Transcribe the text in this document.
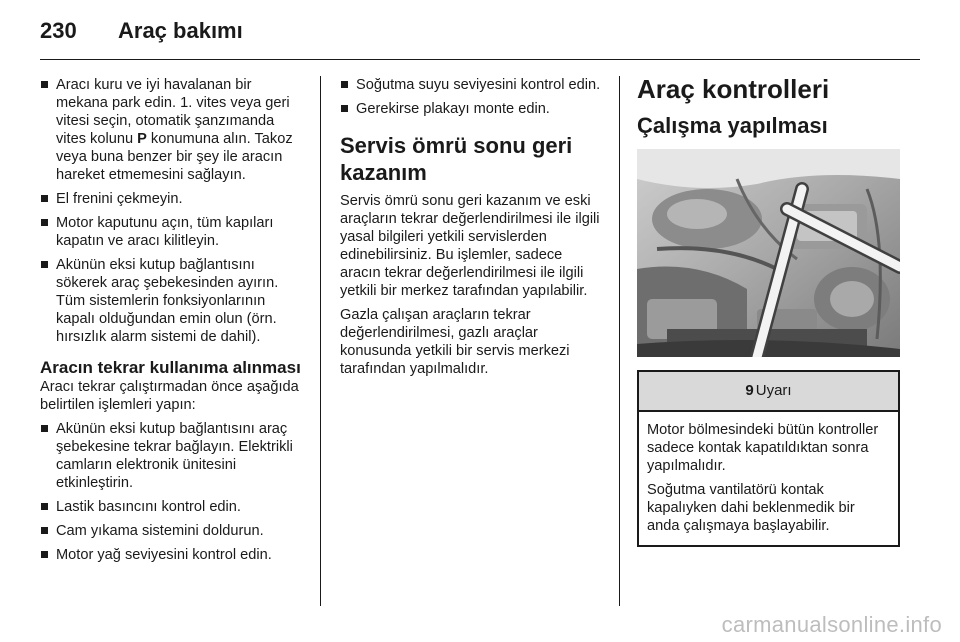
230	Araç bakımı
Aracı kuru ve iyi havalanan bir mekana park edin. 1. vites veya geri vitesi seçin, otomatik şanzımanda vites kolunu P konumuna alın. Takoz veya buna benzer bir şey ile aracın hareket etmemesini sağlayın.
El frenini çekmeyin.
Motor kaputunu açın, tüm kapıları kapatın ve aracı kilitleyin.
Akünün eksi kutup bağlantısını sökerek araç şebekesinden ayırın. Tüm sistemlerin fonksiyonlarının kapalı olduğundan emin olun (örn. hırsızlık alarm sistemi de dahil).
Aracın tekrar kullanıma alınması

Aracı tekrar çalıştırmadan önce aşağıda belirtilen işlemleri yapın:

Akünün eksi kutup bağlantısını araç şebekesine tekrar bağlayın. Elektrikli camların elektronik ünitesini etkinleştirin.
Lastik basıncını kontrol edin.
Cam yıkama sistemini doldurun.
Motor yağ seviyesini kontrol edin.
Soğutma suyu seviyesini kontrol edin.
Gerekirse plakayı monte edin.
Servis ömrü sonu geri kazanım

Servis ömrü sonu geri kazanım ve eski araçların tekrar değerlendirilmesi ile ilgili yasal bilgileri yetkili servislerden edinebilirsiniz. Bu işlemler, sadece aracın tekrar değerlendirilmesi ile ilgili yetkili bir merkez tarafından yapılabilir.

Gazla çalışan araçların tekrar değerlendirilmesi, gazlı araçlar konusunda yetkili bir servis merkezi tarafından yapılmalıdır.

Araç kontrolleri
Çalışma yapılması
9 Uyarı

Motor bölmesindeki bütün kontroller sadece kontak kapatıldıktan sonra yapılmalıdır.

Soğutma vantilatörü kontak kapalıyken dahi beklenmedik bir anda çalışmaya başlayabilir.

carmanualsonline.info
